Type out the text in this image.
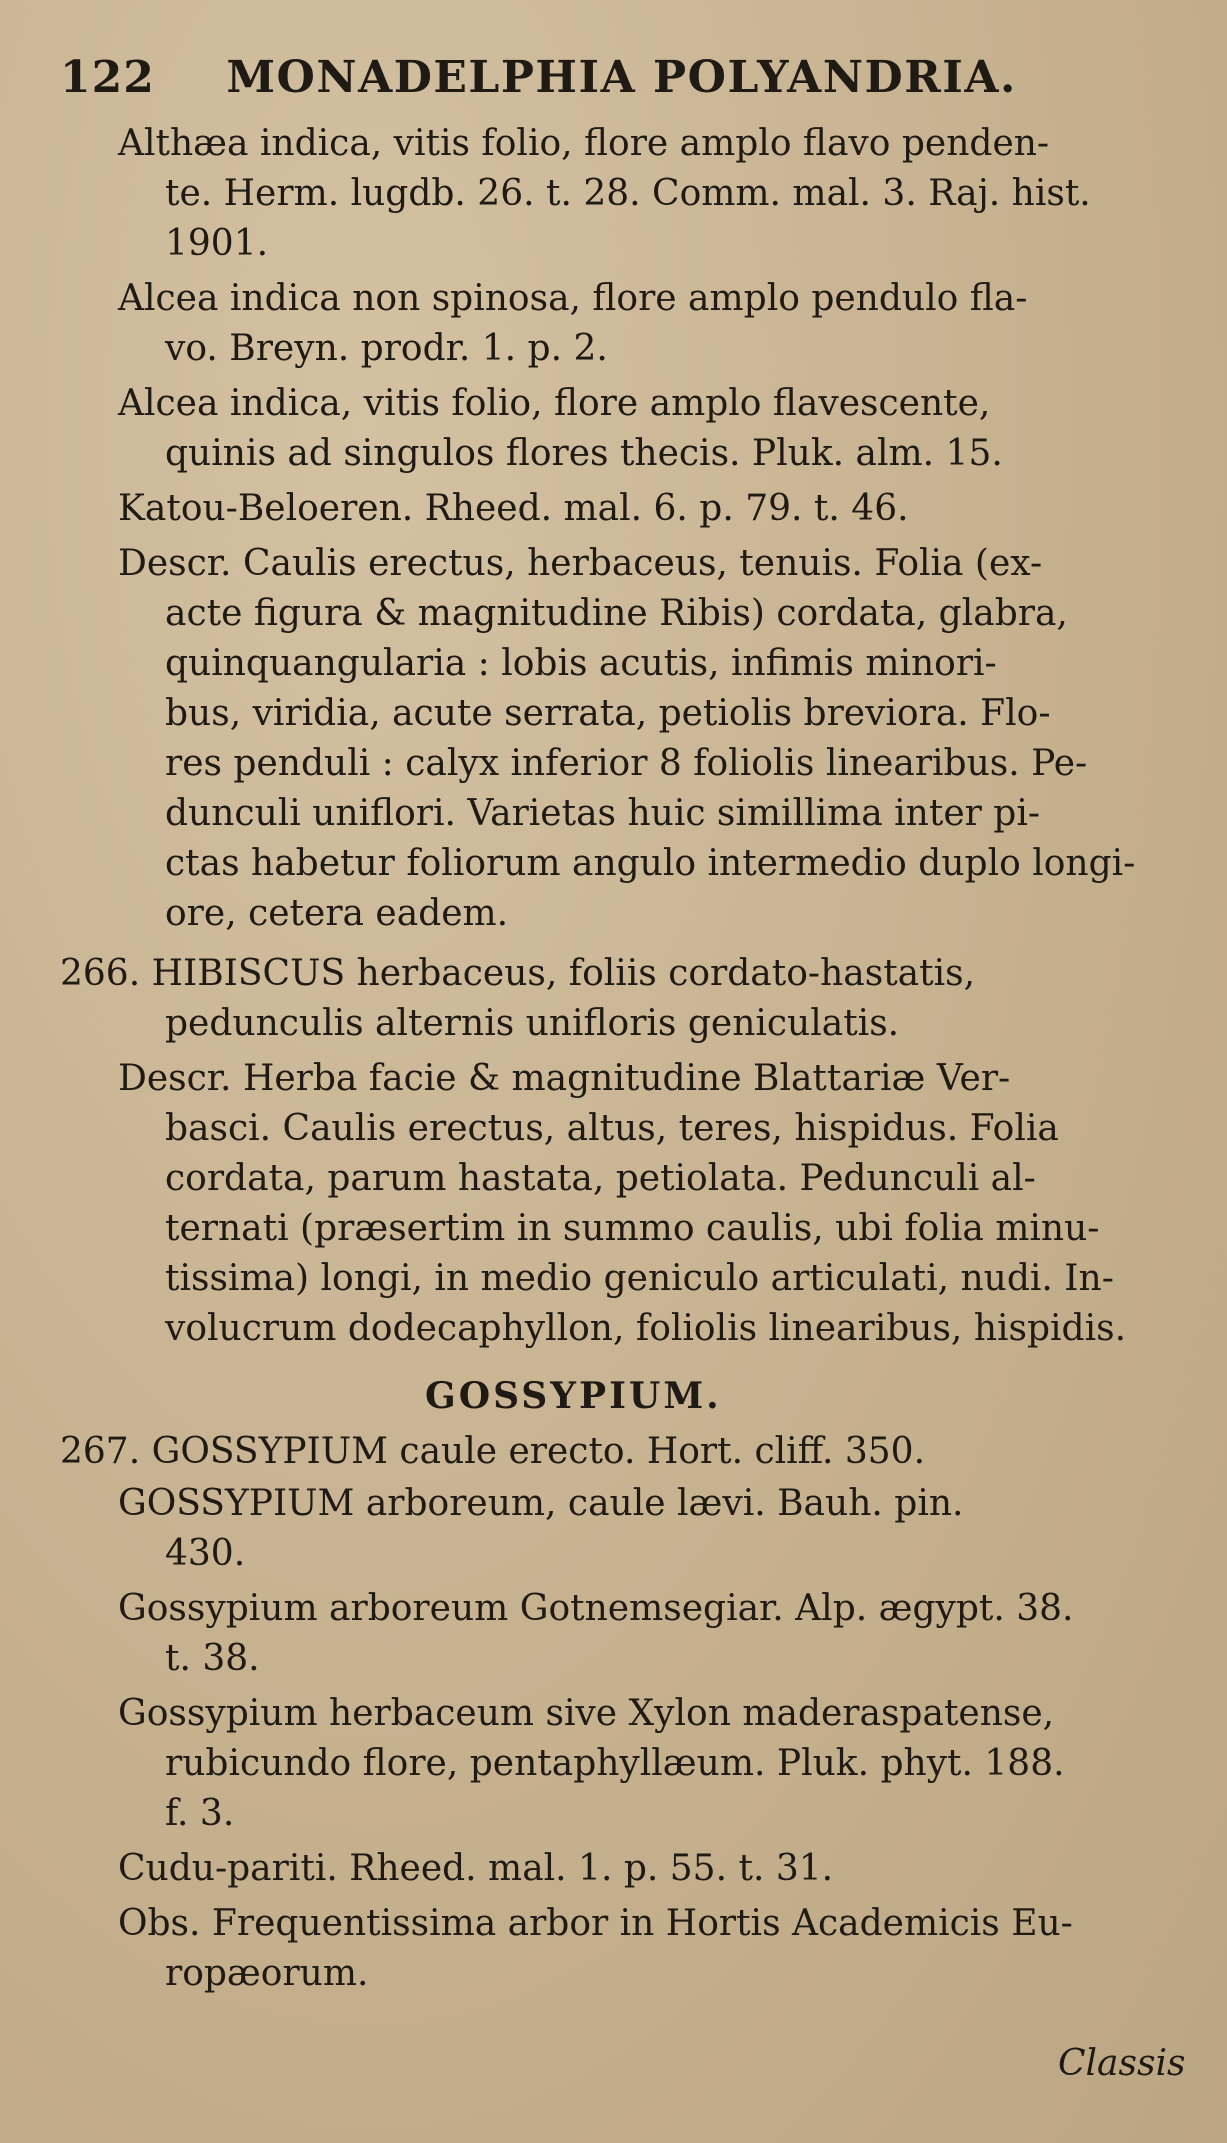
122 MONADELPHIA POLYANDRIA.
Althæa indica, vitis folio, flore amplo flavo penden-
te. Herm. lugdb. 26. t. 28. Comm. mal. 3. Raj. hist.
1901.
Alcea indica non spinosa, flore amplo pendulo fla-
vo. Breyn. prodr. 1. p. 2.
Alcea indica, vitis folio, flore amplo flavescente,
quinis ad singulos flores thecis. Pluk. alm. 15.
Katou-Beloeren. Rheed. mal. 6. p. 79. t. 46.
Descr. Caulis erectus, herbaceus, tenuis. Folia (ex-
acte figura & magnitudine Ribis) cordata, glabra,
quinquangularia : lobis acutis, infimis minori-
bus, viridia, acute serrata, petiolis breviora. Flo-
res penduli : calyx inferior 8 foliolis linearibus. Pe-
dunculi uniflori. Varietas huic simillima inter pi-
ctas habetur foliorum angulo intermedio duplo longi-
ore, cetera eadem.
266. HIBISCUS herbaceus, foliis cordato-hastatis,
pedunculis alternis unifloris geniculatis.
Descr. Herba facie & magnitudine Blattariæ Ver-
basci. Caulis erectus, altus, teres, hispidus. Folia
cordata, parum hastata, petiolata. Pedunculi al-
ternati (præsertim in summo caulis, ubi folia minu-
tissima) longi, in medio geniculo articulati, nudi. In-
volucrum dodecaphyllon, foliolis linearibus, hispidis.
GOSSYPIUM.
267. GOSSYPIUM caule erecto. Hort. cliff. 350.
GOSSYPIUM arboreum, caule lævi. Bauh. pin.
430.
Gossypium arboreum Gotnemsegiar. Alp. ægypt. 38.
t. 38.
Gossypium herbaceum sive Xylon maderaspatense,
rubicundo flore, pentaphyllæum. Pluk. phyt. 188.
f. 3.
Cudu-pariti. Rheed. mal. 1. p. 55. t. 31.
Obs. Frequentissima arbor in Hortis Academicis Eu-
ropæorum.
Classis
